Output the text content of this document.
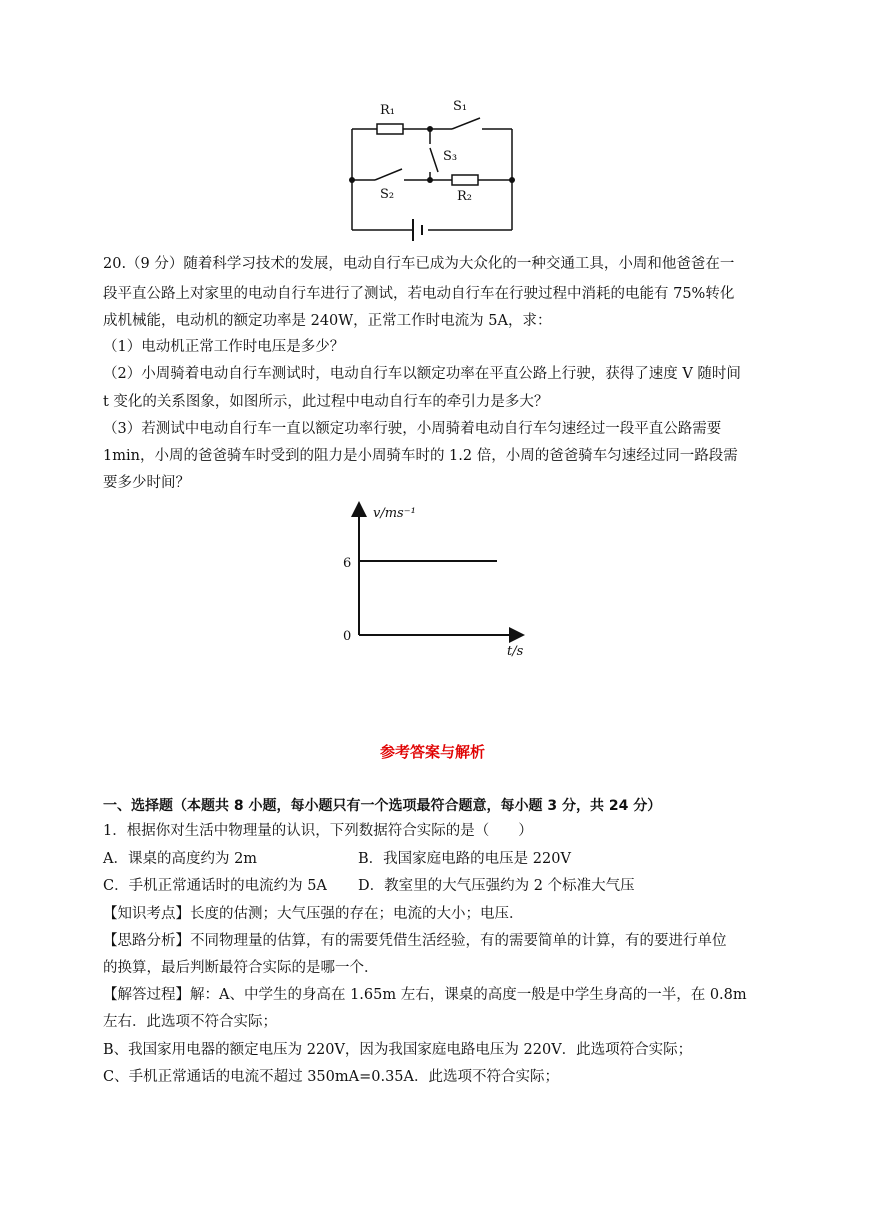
R₁	S₁
S₃
S₂	R₂
20.（9 分）随着科学习技术的发展，电动自行车已成为大众化的一种交通工具，小周和他爸爸在一
段平直公路上对家里的电动自行车进行了测试，若电动自行车在行驶过程中消耗的电能有 75%转化
成机械能，电动机的额定功率是 240W，正常工作时电流为 5A，求：
（1）电动机正常工作时电压是多少？
（2）小周骑着电动自行车测试时，电动自行车以额定功率在平直公路上行驶，获得了速度 V 随时间
t 变化的关系图象，如图所示，此过程中电动自行车的牵引力是多大？
（3）若测试中电动自行车一直以额定功率行驶，小周骑着电动自行车匀速经过一段平直公路需要
1min，小周的爸爸骑车时受到的阻力是小周骑车时的 1.2 倍，小周的爸爸骑车匀速经过同一路段需
要多少时间？
v/ms⁻¹
t/s
6
0
参考答案与解析
一、选择题（本题共 8 小题，每小题只有一个选项最符合题意，每小题 3 分，共 24 分）
1．根据你对生活中物理量的认识，下列数据符合实际的是（　　）
A．课桌的高度约为 2m	B．我国家庭电路的电压是 220V
C．手机正常通话时的电流约为 5A D．教室里的大气压强约为 2 个标准大气压
【知识考点】长度的估测；大气压强的存在；电流的大小；电压．
【思路分析】不同物理量的估算，有的需要凭借生活经验，有的需要简单的计算，有的要进行单位
的换算，最后判断最符合实际的是哪一个．
【解答过程】解：A、中学生的身高在 1.65m 左右，课桌的高度一般是中学生身高的一半，在 0.8m
左右．此选项不符合实际；
B、我国家用电器的额定电压为 220V，因为我国家庭电路电压为 220V．此选项符合实际；
C、手机正常通话的电流不超过 350mA=0.35A．此选项不符合实际；
